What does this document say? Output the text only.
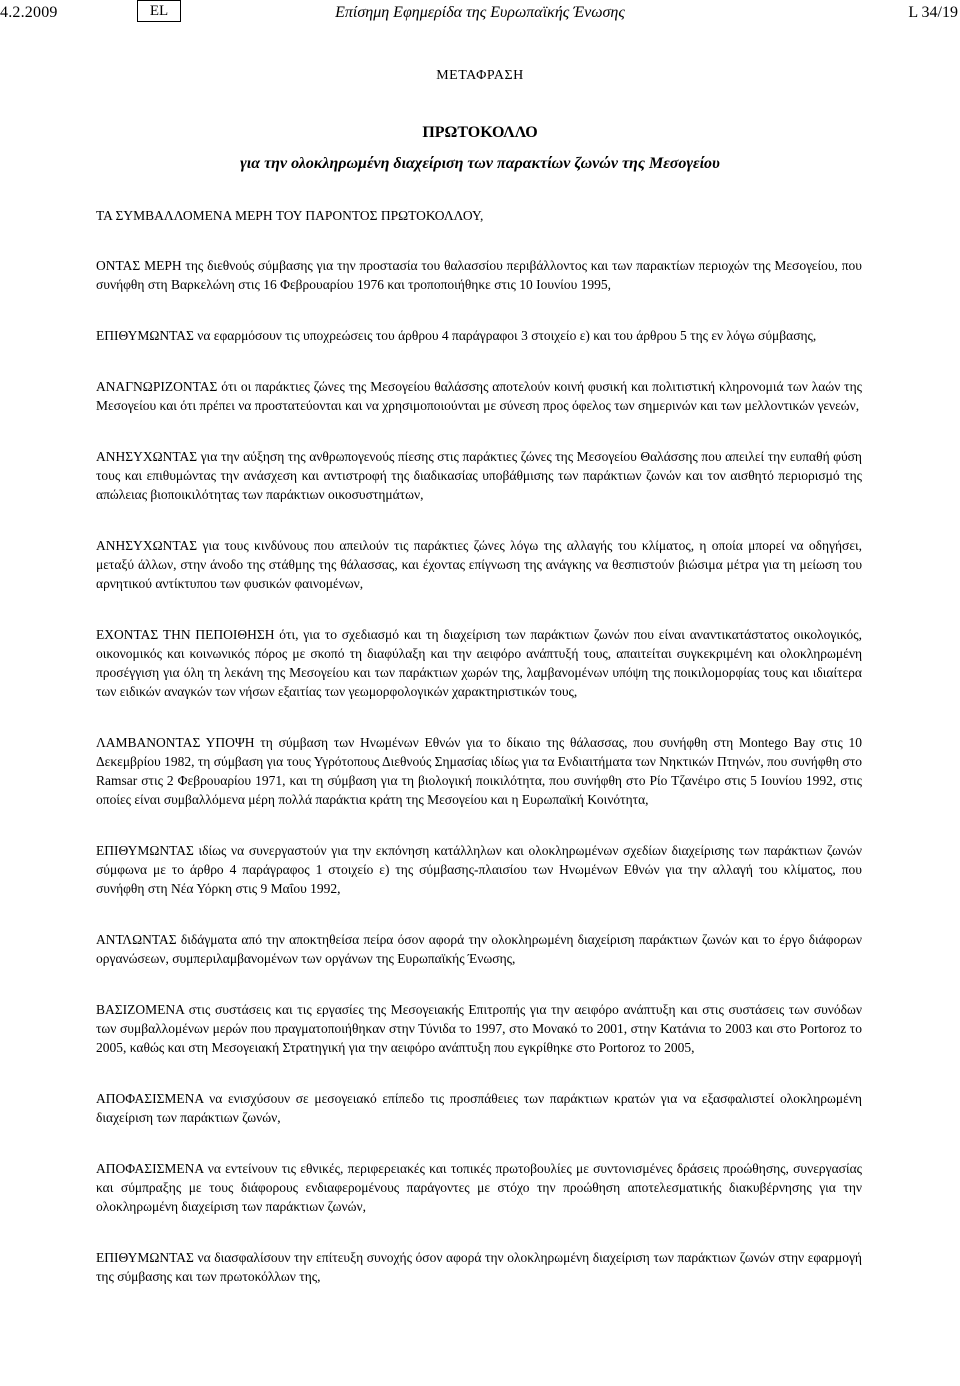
4.2.2009	EL	Επίσημη Εφημερίδα της Ευρωπαϊκής Ένωσης	L 34/19
ΜΕΤΑΦΡΑΣΗ
ΠΡΩΤΟΚΟΛΛΟ
για την ολοκληρωμένη διαχείριση των παρακτίων ζωνών της Μεσογείου

ΤΑ ΣΥΜΒΑΛΛΟΜΕΝΑ ΜΕΡΗ ΤΟΥ ΠΑΡΟΝΤΟΣ ΠΡΩΤΟΚΟΛΛΟΥ,

ΟΝΤΑΣ ΜΕΡΗ της διεθνούς σύμβασης για την προστασία του θαλασσίου περιβάλλοντος και των παρακτίων περιοχών της Μεσογείου, που συνήφθη στη Βαρκελώνη στις 16 Φεβρουαρίου 1976 και τροποποιήθηκε στις 10 Ιουνίου 1995,

ΕΠΙΘΥΜΩΝΤΑΣ να εφαρμόσουν τις υποχρεώσεις του άρθρου 4 παράγραφοι 3 στοιχείο ε) και του άρθρου 5 της εν λόγω σύμβασης,

ΑΝΑΓΝΩΡΙΖΟΝΤΑΣ ότι οι παράκτιες ζώνες της Μεσογείου θαλάσσης αποτελούν κοινή φυσική και πολιτιστική κληρονομιά των λαών της Μεσογείου και ότι πρέπει να προστατεύονται και να χρησιμοποιούνται με σύνεση προς όφελος των σημερινών και των μελλοντικών γενεών,

ΑΝΗΣΥΧΩΝΤΑΣ για την αύξηση της ανθρωπογενούς πίεσης στις παράκτιες ζώνες της Μεσογείου Θαλάσσης που απειλεί την ευπαθή φύση τους και επιθυμώντας την ανάσχεση και αντιστροφή της διαδικασίας υποβάθμισης των παράκτιων ζωνών και τον αισθητό περιορισμό της απώλειας βιοποικιλότητας των παράκτιων οικοσυστημάτων,

ΑΝΗΣΥΧΩΝΤΑΣ για τους κινδύνους που απειλούν τις παράκτιες ζώνες λόγω της αλλαγής του κλίματος, η οποία μπορεί να οδηγήσει, μεταξύ άλλων, στην άνοδο της στάθμης της θάλασσας, και έχοντας επίγνωση της ανάγκης να θεσπιστούν βιώσιμα μέτρα για τη μείωση του αρνητικού αντίκτυπου των φυσικών φαινομένων,

ΕΧΟΝΤΑΣ ΤΗΝ ΠΕΠΟΙΘΗΣΗ ότι, για το σχεδιασμό και τη διαχείριση των παράκτιων ζωνών που είναι αναντικατάστατος οικολογικός, οικονομικός και κοινωνικός πόρος με σκοπό τη διαφύλαξη και την αειφόρο ανάπτυξή τους, απαιτείται συγκεκριμένη και ολοκληρωμένη προσέγγιση για όλη τη λεκάνη της Μεσογείου και των παράκτιων χωρών της, λαμβανομένων υπόψη της ποικιλομορφίας τους και ιδιαίτερα των ειδικών αναγκών των νήσων εξαιτίας των γεωμορφολογικών χαρακτηριστικών τους,

ΛΑΜΒΑΝΟΝΤΑΣ ΥΠΟΨΗ τη σύμβαση των Ηνωμένων Εθνών για το δίκαιο της θάλασσας, που συνήφθη στη Montego Bay στις 10 Δεκεμβρίου 1982, τη σύμβαση για τους Υγρότοπους Διεθνούς Σημασίας ιδίως για τα Ενδιαιτήματα των Νηκτικών Πτηνών, που συνήφθη στο Ramsar στις 2 Φεβρουαρίου 1971, και τη σύμβαση για τη βιολογική ποικιλότητα, που συνήφθη στο Ρίο Τζανέιρο στις 5 Ιουνίου 1992, στις οποίες είναι συμβαλλόμενα μέρη πολλά παράκτια κράτη της Μεσογείου και η Ευρωπαϊκή Κοινότητα,

ΕΠΙΘΥΜΩΝΤΑΣ ιδίως να συνεργαστούν για την εκπόνηση κατάλληλων και ολοκληρωμένων σχεδίων διαχείρισης των παράκτιων ζωνών σύμφωνα με το άρθρο 4 παράγραφος 1 στοιχείο ε) της σύμβασης-πλαισίου των Ηνωμένων Εθνών για την αλλαγή του κλίματος, που συνήφθη στη Νέα Υόρκη στις 9 Μαΐου 1992,

ΑΝΤΛΩΝΤΑΣ διδάγματα από την αποκτηθείσα πείρα όσον αφορά την ολοκληρωμένη διαχείριση παράκτιων ζωνών και το έργο διάφορων οργανώσεων, συμπεριλαμβανομένων των οργάνων της Ευρωπαϊκής Ένωσης,

ΒΑΣΙΖΟΜΕΝΑ στις συστάσεις και τις εργασίες της Μεσογειακής Επιτροπής για την αειφόρο ανάπτυξη και στις συστάσεις των συνόδων των συμβαλλομένων μερών που πραγματοποιήθηκαν στην Τύνιδα το 1997, στο Μονακό το 2001, στην Κατάνια το 2003 και στο Portoroz το 2005, καθώς και στη Μεσογειακή Στρατηγική για την αειφόρο ανάπτυξη που εγκρίθηκε στο Portoroz το 2005,

ΑΠΟΦΑΣΙΣΜΕΝΑ να ενισχύσουν σε μεσογειακό επίπεδο τις προσπάθειες των παράκτιων κρατών για να εξασφαλιστεί ολοκληρωμένη διαχείριση των παράκτιων ζωνών,

ΑΠΟΦΑΣΙΣΜΕΝΑ να εντείνουν τις εθνικές, περιφερειακές και τοπικές πρωτοβουλίες με συντονισμένες δράσεις προώθησης, συνεργασίας και σύμπραξης με τους διάφορους ενδιαφερομένους παράγοντες με στόχο την προώθηση αποτελεσματικής διακυβέρνησης για την ολοκληρωμένη διαχείριση των παράκτιων ζωνών,

ΕΠΙΘΥΜΩΝΤΑΣ να διασφαλίσουν την επίτευξη συνοχής όσον αφορά την ολοκληρωμένη διαχείριση των παράκτιων ζωνών στην εφαρμογή της σύμβασης και των πρωτοκόλλων της,
